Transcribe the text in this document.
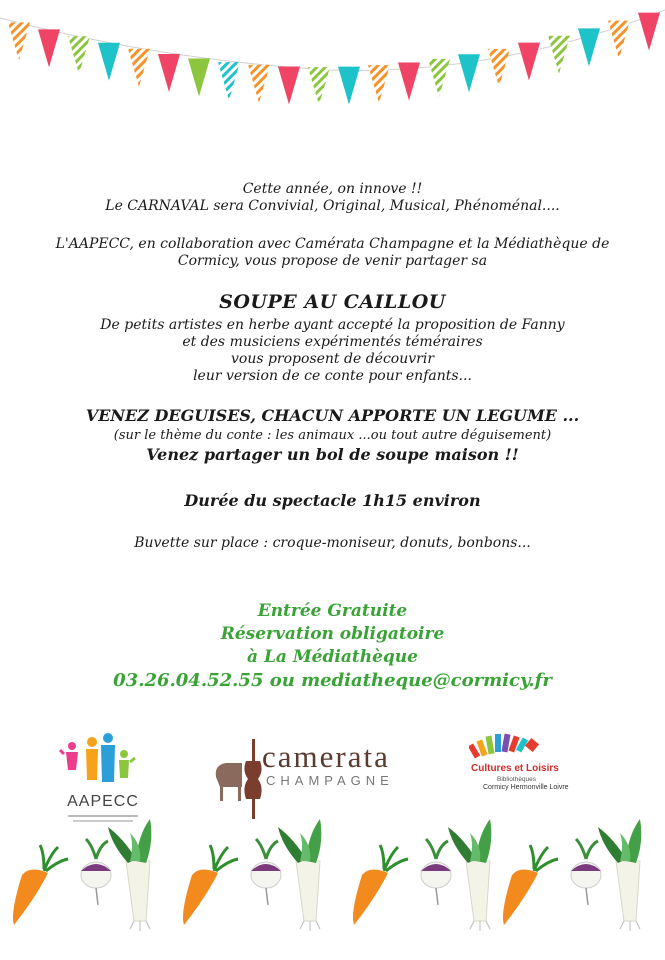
Cette année, on innove !!

Le CARNAVAL sera Convivial, Original, Musical, Phénoménal....

L'AAPECC, en collaboration avec Camérata Champagne et la Médiathèque de

Cormicy, vous propose de venir partager sa

SOUPE AU CAILLOU

De petits artistes en herbe ayant accepté la proposition de Fanny

et des musiciens expérimentés téméraires

vous proposent de découvrir

leur version de ce conte pour enfants...

VENEZ DEGUISES, CHACUN APPORTE UN LEGUME ...

(sur le thème du conte : les animaux ...ou tout autre déguisement)

Venez partager un bol de soupe maison !!

Durée du spectacle 1h15 environ

Buvette sur place : croque-moniseur, donuts, bonbons...

Entrée Gratuite

Réservation obligatoire

à La Médiathèque

03.26.04.52.55 ou mediatheque@cormicy.fr

AAPECC
camerata
CHAMPAGNE
Cultures et Loisirs
Bibliothèques
Cormicy Hermonville Loivre
